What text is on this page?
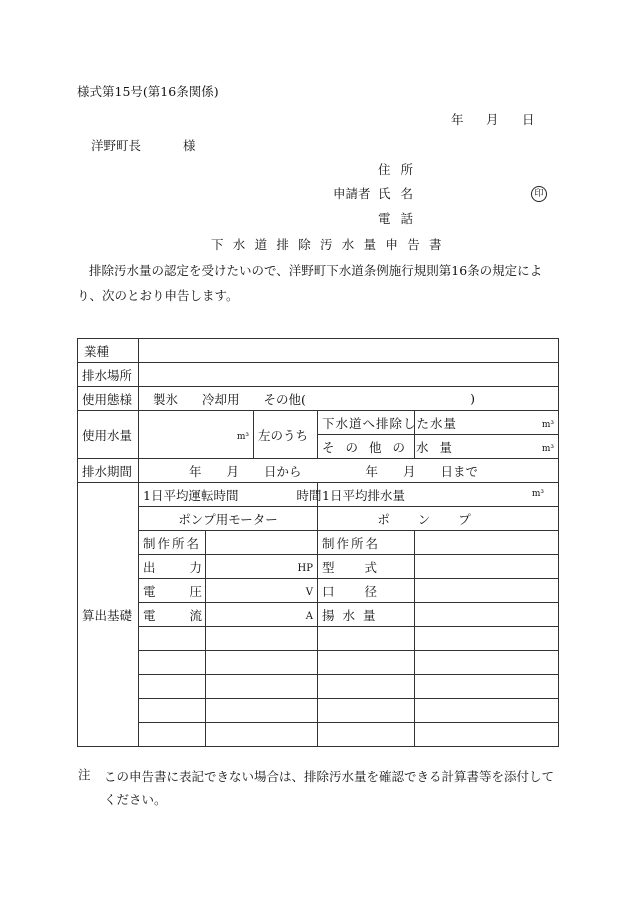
様式第15号(第16条関係)
年 月 日
洋野町長	様
住所
申請者 氏名	印
電話
下水道排除汚水量申告書
排除汚水量の認定を受けたいので、洋野町下水道条例施行規則第16条の規定により、次のとおり申告します。
業種					

排水場所					
使用態様	製氷 冷却用 その他( )				

使用水量	m³		左のうち	下水道へ排除した水量	m³
				その他の水量	m³
排水期間	年　　月　　日から 年　　月　　日まで				
算出基礎	1日平均運転時間 時間			1日平均排水量 m³	

	ポンプ用モーター			ポンプ	
	制作所名			制作所名	
	出力	HP		型式	
	電圧	V		口径	
	電流	A		揚水量	

注 この申告書に表記できない場合は、排除汚水量を確認できる計算書等を添付してください。
